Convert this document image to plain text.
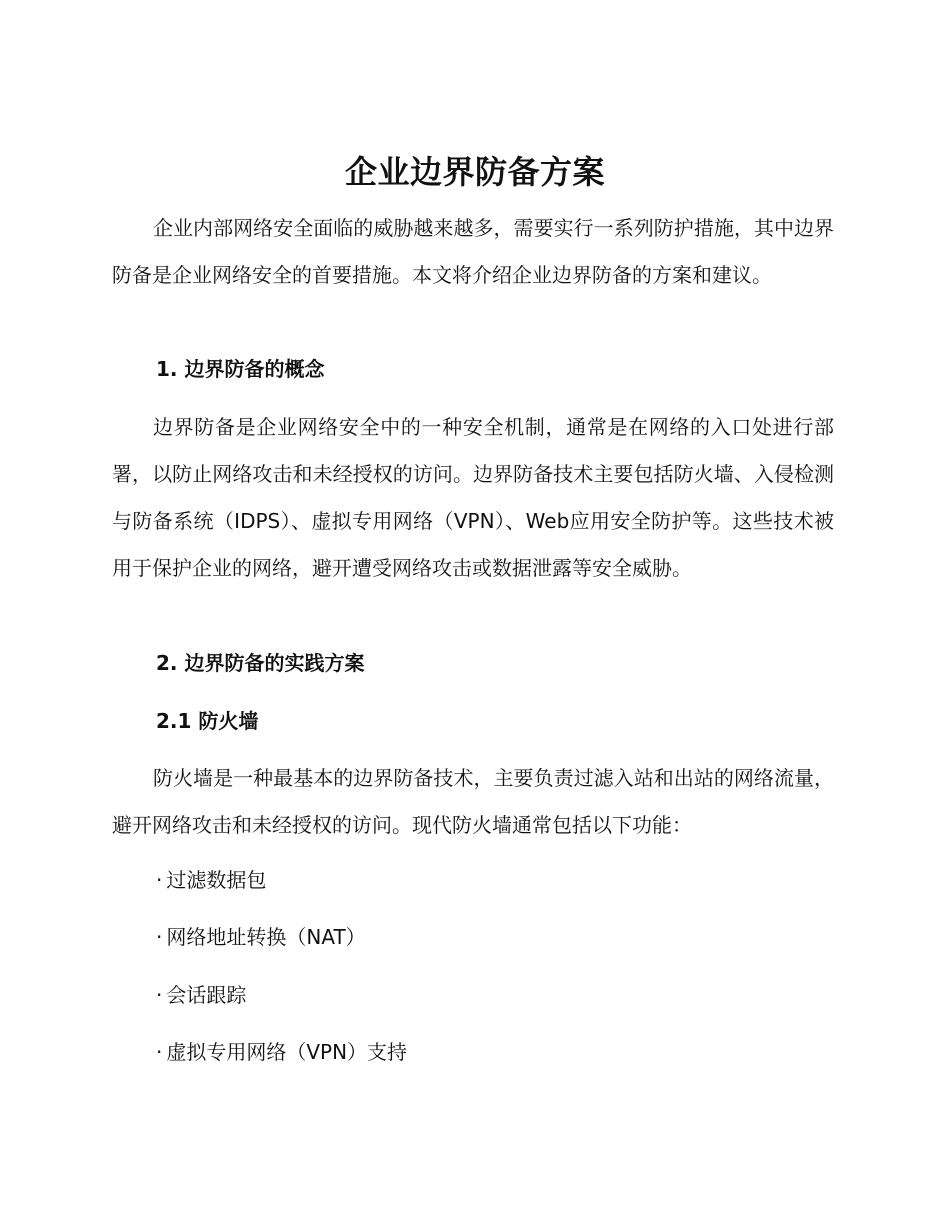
企业边界防备方案
企业内部网络安全面临的威胁越来越多，需要实行一系列防护措施，其中边界防备是企业网络安全的首要措施。本文将介绍企业边界防备的方案和建议。
1. 边界防备的概念
边界防备是企业网络安全中的一种安全机制，通常是在网络的入口处进行部署，以防止网络攻击和未经授权的访问。边界防备技术主要包括防火墙、入侵检测与防备系统（IDPS）、虚拟专用网络（VPN）、Web应用安全防护等。这些技术被用于保护企业的网络，避开遭受网络攻击或数据泄露等安全威胁。
2. 边界防备的实践方案
2.1 防火墙
防火墙是一种最基本的边界防备技术，主要负责过滤入站和出站的网络流量，避开网络攻击和未经授权的访问。现代防火墙通常包括以下功能：
· 过滤数据包
· 网络地址转换（NAT）
· 会话跟踪
· 虚拟专用网络（VPN）支持
